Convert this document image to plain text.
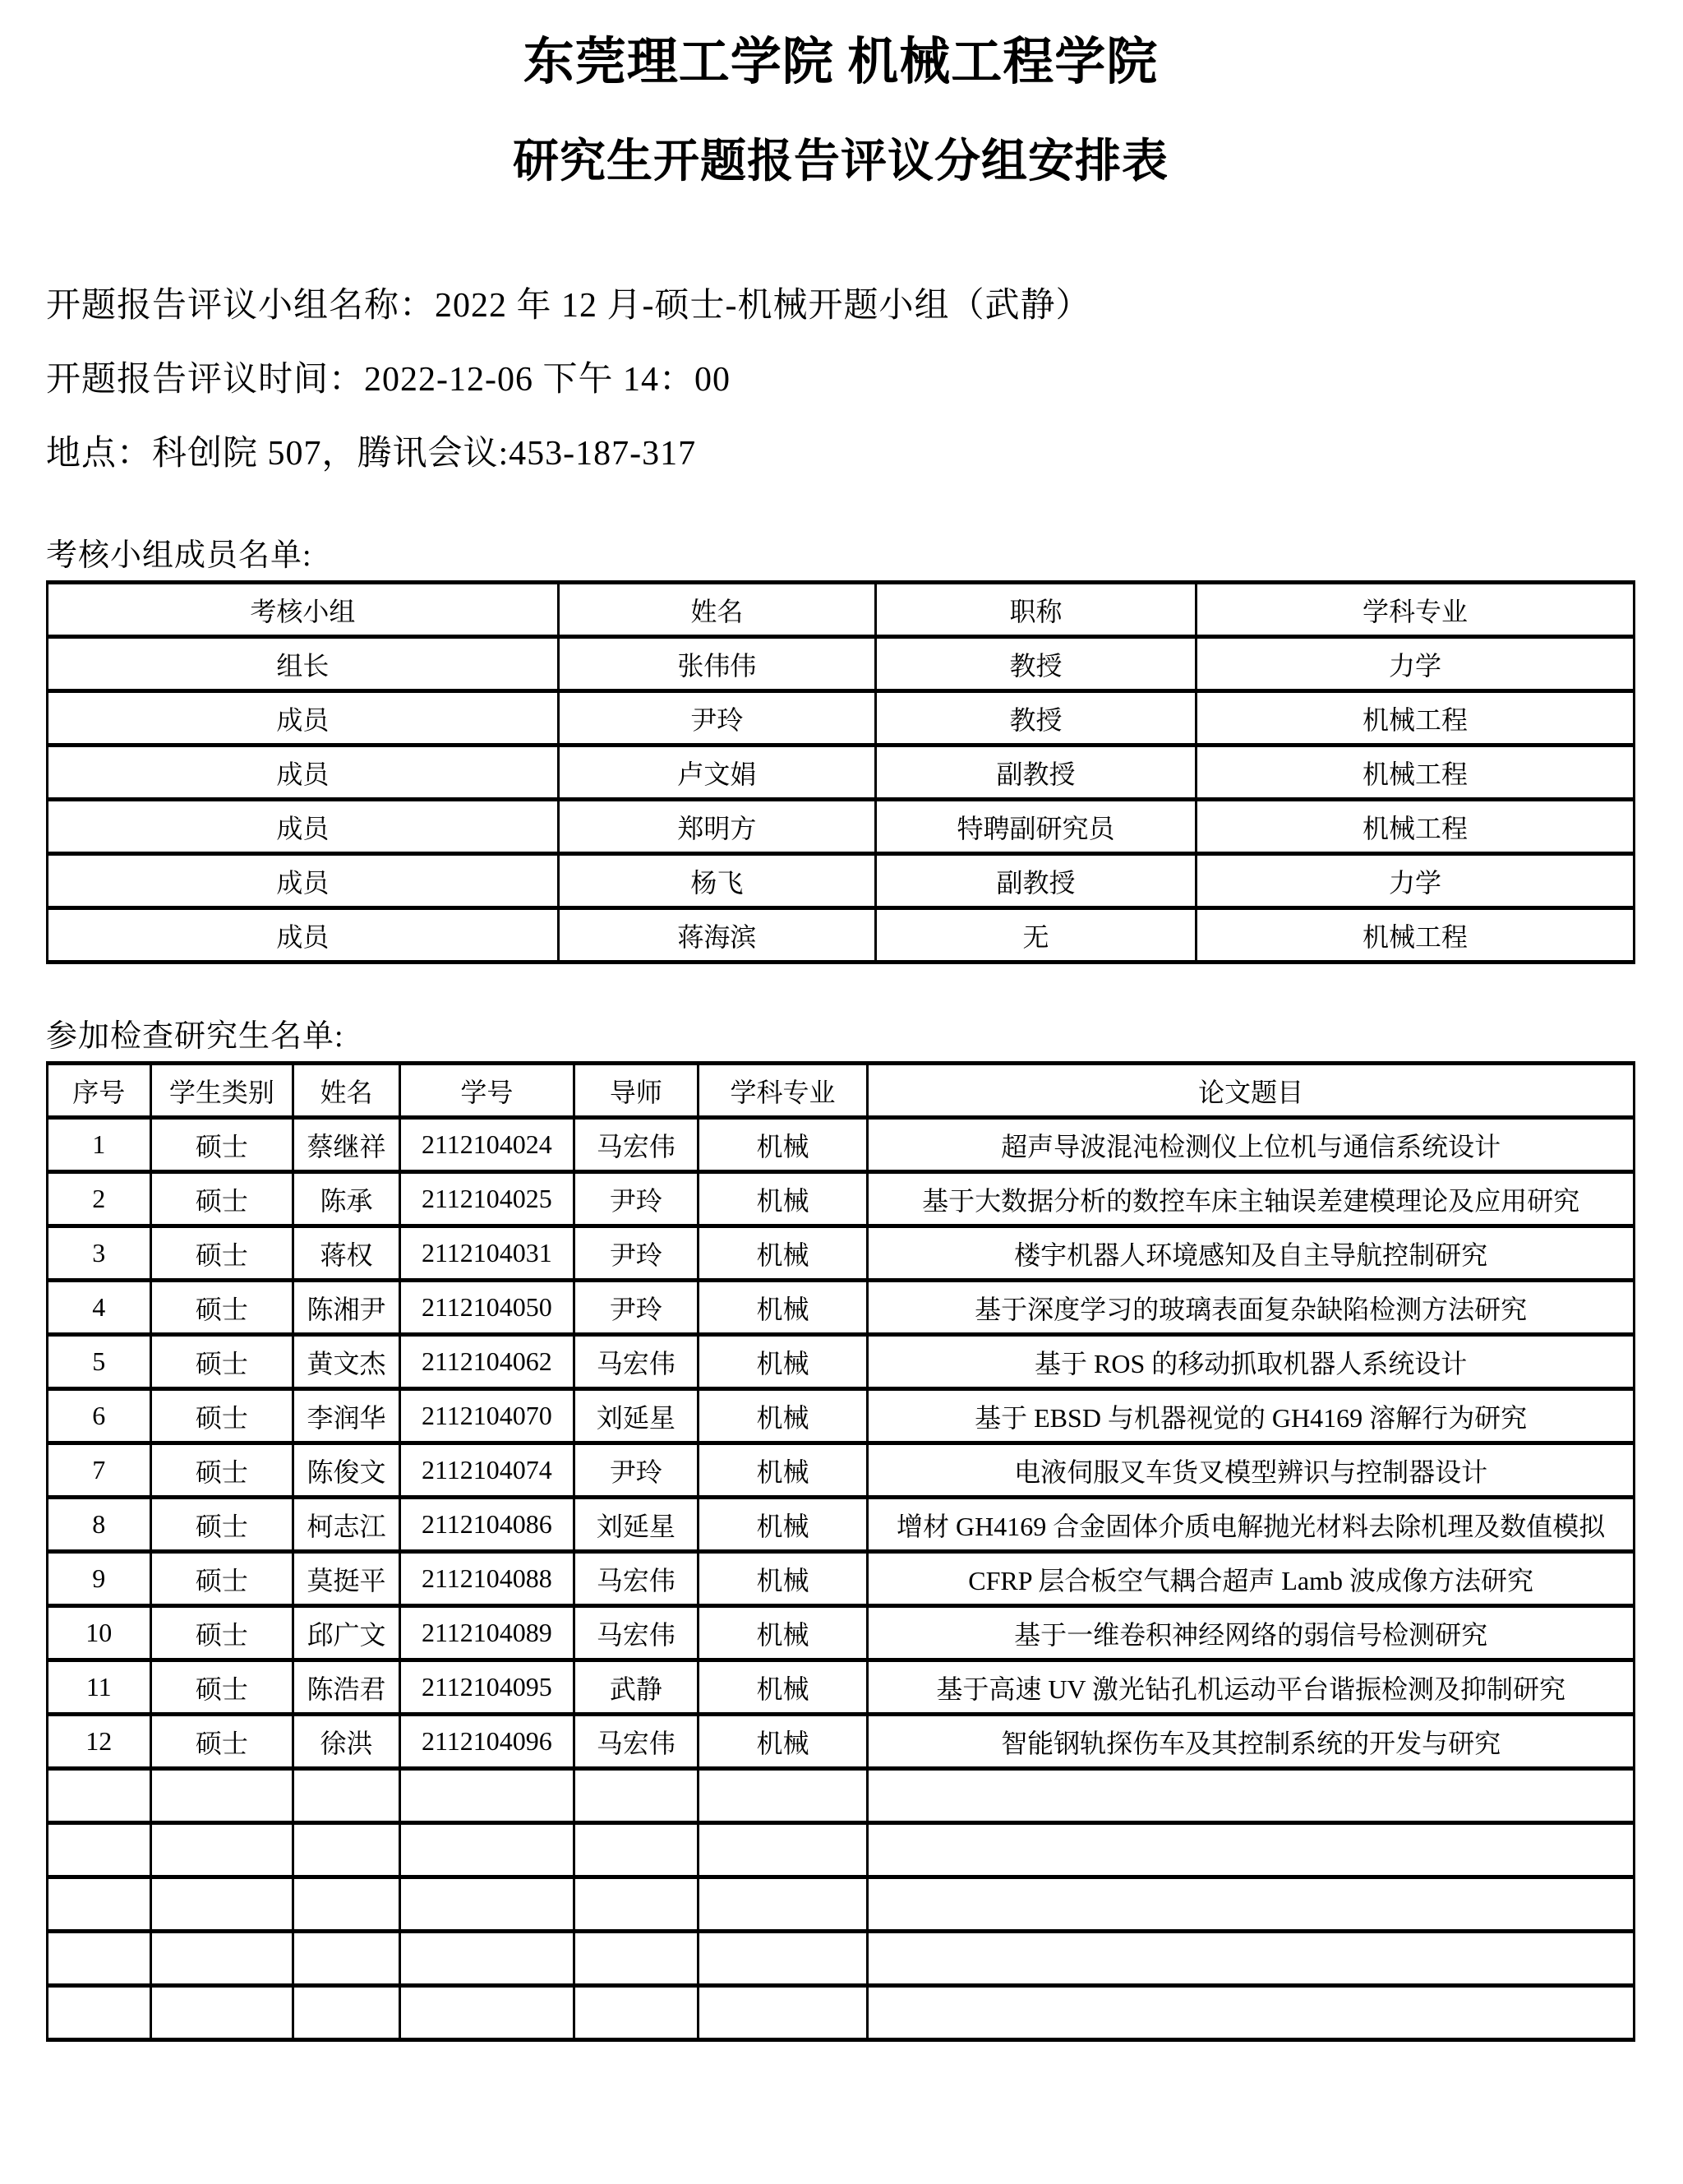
东莞理工学院 机械工程学院
研究生开题报告评议分组安排表
开题报告评议小组名称：2022 年 12 月-硕士-机械开题小组（武静）
开题报告评议时间：2022-12-06 下午 14：00
地点：科创院 507，腾讯会议:453-187-317
考核小组成员名单:
考核小组	姓名	职称	学科专业
组长	张伟伟	教授	力学
成员	尹玲	教授	机械工程
成员	卢文娟	副教授	机械工程
成员	郑明方	特聘副研究员	机械工程
成员	杨飞	副教授	力学
成员	蒋海滨	无	机械工程
参加检查研究生名单:
序号	学生类别	姓名	学号	导师	学科专业	论文题目
1	硕士	蔡继祥	2112104024	马宏伟	机械	超声导波混沌检测仪上位机与通信系统设计
2	硕士	陈承	2112104025	尹玲	机械	基于大数据分析的数控车床主轴误差建模理论及应用研究
3	硕士	蒋权	2112104031	尹玲	机械	楼宇机器人环境感知及自主导航控制研究
4	硕士	陈湘尹	2112104050	尹玲	机械	基于深度学习的玻璃表面复杂缺陷检测方法研究
5	硕士	黄文杰	2112104062	马宏伟	机械	基于 ROS 的移动抓取机器人系统设计
6	硕士	李润华	2112104070	刘延星	机械	基于 EBSD 与机器视觉的 GH4169 溶解行为研究
7	硕士	陈俊文	2112104074	尹玲	机械	电液伺服叉车货叉模型辨识与控制器设计
8	硕士	柯志江	2112104086	刘延星	机械	增材 GH4169 合金固体介质电解抛光材料去除机理及数值模拟
9	硕士	莫挺平	2112104088	马宏伟	机械	CFRP 层合板空气耦合超声 Lamb 波成像方法研究
10	硕士	邱广文	2112104089	马宏伟	机械	基于一维卷积神经网络的弱信号检测研究
11	硕士	陈浩君	2112104095	武静	机械	基于高速 UV 激光钻孔机运动平台谐振检测及抑制研究
12	硕士	徐洪	2112104096	马宏伟	机械	智能钢轨探伤车及其控制系统的开发与研究
